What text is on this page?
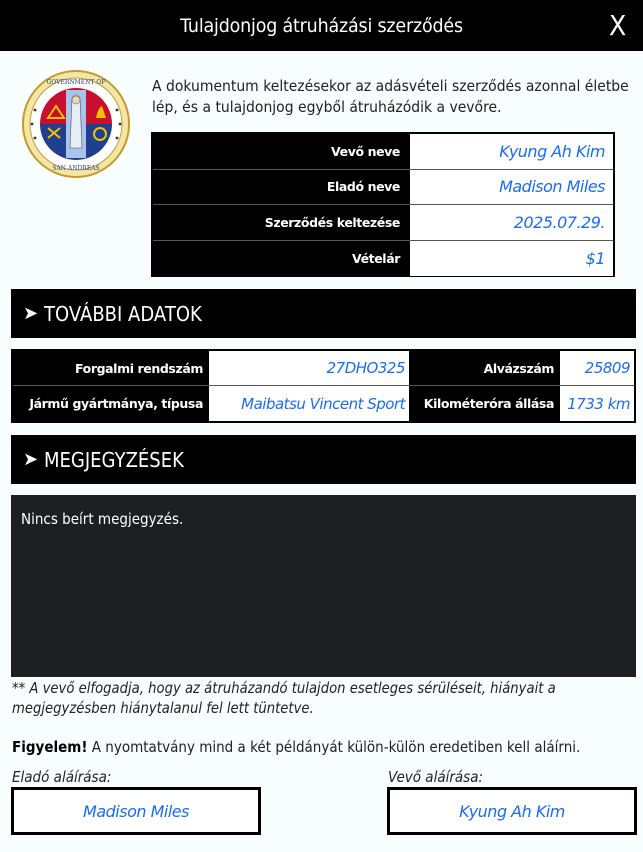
Tulajdonjog átruházási szerződés	X
GOVERNMENT OF
SAN ANDREAS
A dokumentum keltezésekor az adásvételi szerződés azonnal életbe
lép, és a tulajdonjog egyből átruházódik a vevőre.
Vevő neve	Kyung Ah Kim
Eladó neve	Madison Miles
Szerződés keltezése	2025.07.29.
Vételár	$1
➤ TOVÁBBI ADATOK
Forgalmi rendszám	27DHO325	Alvázszám	25809
Jármű gyártmánya, típusa	Maibatsu Vincent Sport	Kilométeróra állása 1733 km
➤ MEGJEGYZÉSEK
Nincs beírt megjegyzés.
** A vevő elfogadja, hogy az átruházandó tulajdon esetleges sérüléseit, hiányait a
megjegyzésben hiánytalanul fel lett tüntetve.
Figyelem! A nyomtatvány mind a két példányát külön-külön eredetiben kell aláírni.
Eladó aláírása:
Madison Miles
Vevő aláírása:
Kyung Ah Kim
